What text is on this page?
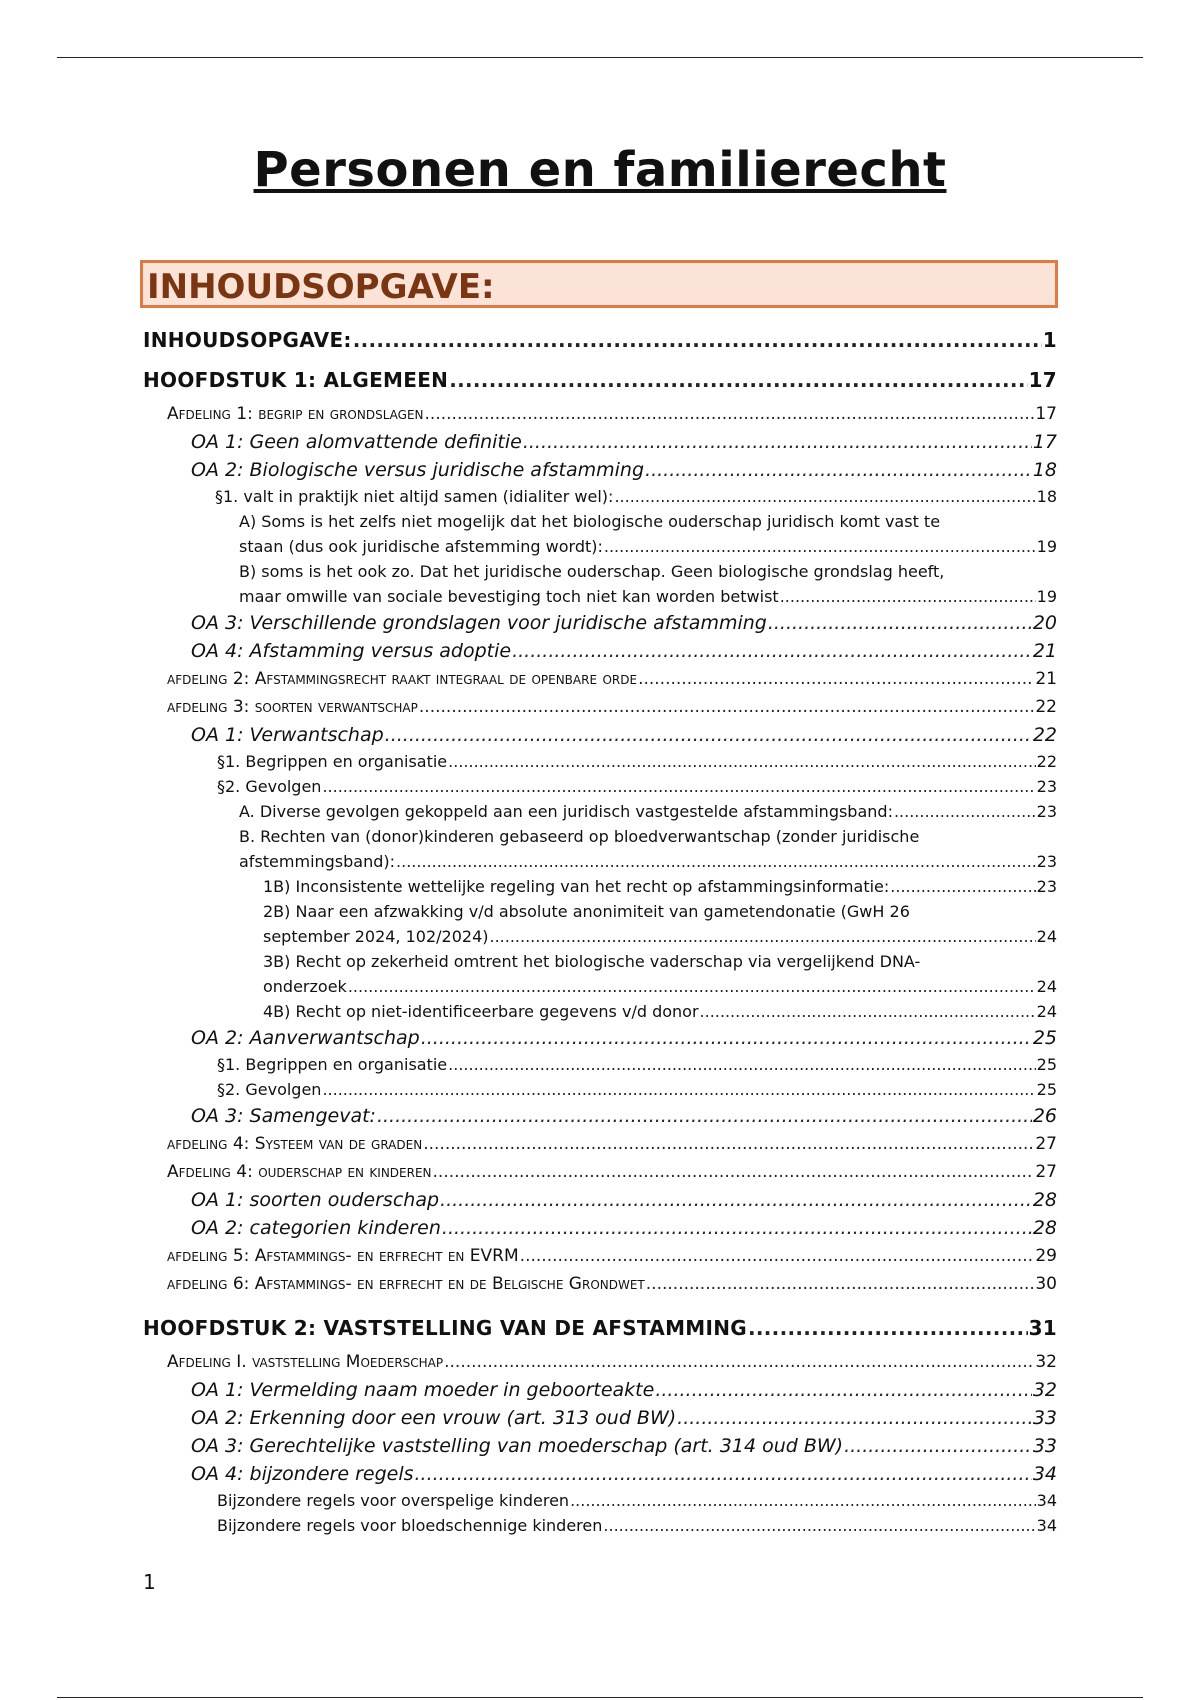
Personen en familierecht
INHOUDSOPGAVE:
INHOUDSOPGAVE: .....	1
HOOFDSTUK 1: ALGEMEEN .....	17
Afdeling 1: begrip en grondslagen .....	17
OA 1: Geen alomvattende definitie .....	17
OA 2: Biologische versus juridische afstamming .....	18
§1. valt in praktijk niet altijd samen (idialiter wel): .....	18
A) Soms is het zelfs niet mogelijk dat het biologische ouderschap juridisch komt vast te
staan (dus ook juridische afstemming wordt): .....	19
B) soms is het ook zo. Dat het juridische ouderschap. Geen biologische grondslag heeft,
maar omwille van sociale bevestiging toch niet kan worden betwist .....	19
OA 3: Verschillende grondslagen voor juridische afstamming .....	20
OA 4: Afstamming versus adoptie .....	21
afdeling 2: Afstammingsrecht raakt integraal de openbare orde .....	21
afdeling 3: soorten verwantschap .....	22
OA 1: Verwantschap .....	22
§1. Begrippen en organisatie .....	22
§2. Gevolgen .....	23
A. Diverse gevolgen gekoppeld aan een juridisch vastgestelde afstammingsband: .....	23
B. Rechten van (donor)kinderen gebaseerd op bloedverwantschap (zonder juridische
afstemmingsband): .....	23
1B) Inconsistente wettelijke regeling van het recht op afstammingsinformatie: .....	23
2B) Naar een afzwakking v/d absolute anonimiteit van gametendonatie (GwH 26
september 2024, 102/2024) .....	24
3B) Recht op zekerheid omtrent het biologische vaderschap via vergelijkend DNA-
onderzoek .....	24
4B) Recht op niet-identificeerbare gegevens v/d donor .....	24
OA 2: Aanverwantschap .....	25
§1. Begrippen en organisatie .....	25
§2. Gevolgen .....	25
OA 3: Samengevat: .....	26
afdeling 4: Systeem van de graden .....	27
Afdeling 4: ouderschap en kinderen .....	27
OA 1: soorten ouderschap .....	28
OA 2: categorien kinderen .....	28
afdeling 5: Afstammings- en erfrecht en EVRM .....	29
afdeling 6: Afstammings- en erfrecht en de Belgische Grondwet .....	30
HOOFDSTUK 2: VASTSTELLING VAN DE AFSTAMMING .....	31
Afdeling I. vaststelling Moederschap .....	32
OA 1: Vermelding naam moeder in geboorteakte .....	32
OA 2: Erkenning door een vrouw (art. 313 oud BW) .....	33
OA 3: Gerechtelijke vaststelling van moederschap (art. 314 oud BW) .....	33
OA 4: bijzondere regels .....	34
Bijzondere regels voor overspelige kinderen .....	34
Bijzondere regels voor bloedschennige kinderen .....	34
1
